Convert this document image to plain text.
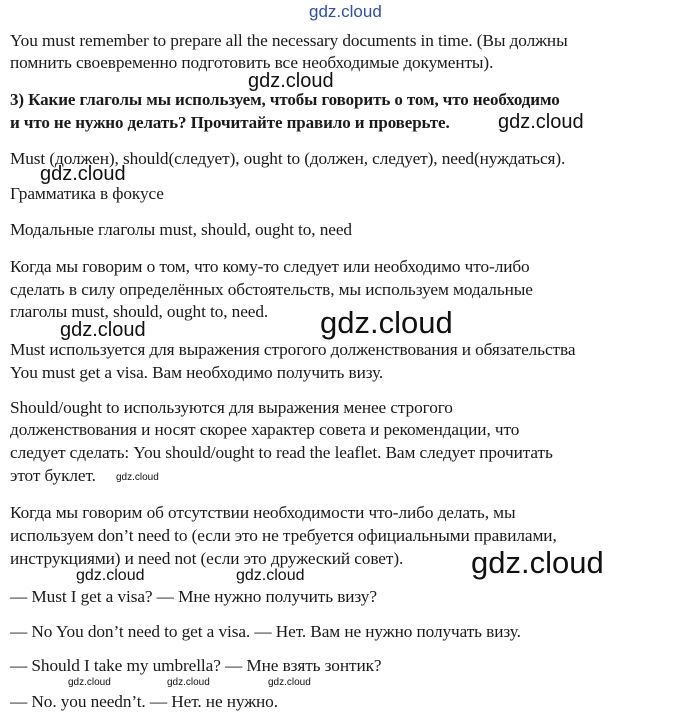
gdz.cloud
You must remember to prepare all the necessary documents in time. (Вы должны
помнить своевременно подготовить все необходимые документы).
gdz.cloud
3) Какие глаголы мы используем, чтобы говорить о том, что необходимо
и что не нужно делать? Прочитайте правило и проверьте. gdz.cloud
Must (должен), should(следует), ought to (должен, следует), need(нуждаться).
gdz.cloud
Грамматика в фокусе
Модальные глаголы must, should, ought to, need
Когда мы говорим о том, что кому-то следует или необходимо что-либо
сделать в силу определённых обстоятельств, мы используем модальные
глаголы must, should, ought to, need. gdz.cloud
gdz.cloud
Must используется для выражения строгого долженствования и обязательства
You must get a visa. Вам необходимо получить визу.
Should/ought to используются для выражения менее строгого
долженствования и носят скорее характер совета и рекомендации, что
следует сделать: You should/ought to read the leaflet. Вам следует прочитать
этот буклет. gdz.cloud
Когда мы говорим об отсутствии необходимости что-либо делать, мы
используем don’t need to (если это не требуется официальными правилами,
инструкциями) и need not (если это дружеский совет). gdz.cloud
gdz.cloud	gdz.cloud
— Must I get a visa? — Мне нужно получить визу?
— No You don’t need to get a visa. — Нет. Вам не нужно получать визу.
— Should I take my umbrella? — Мне взять зонтик?
gdz.cloud	gdz.cloud	gdz.cloud
— No. you needn’t. — Нет. не нужно.
